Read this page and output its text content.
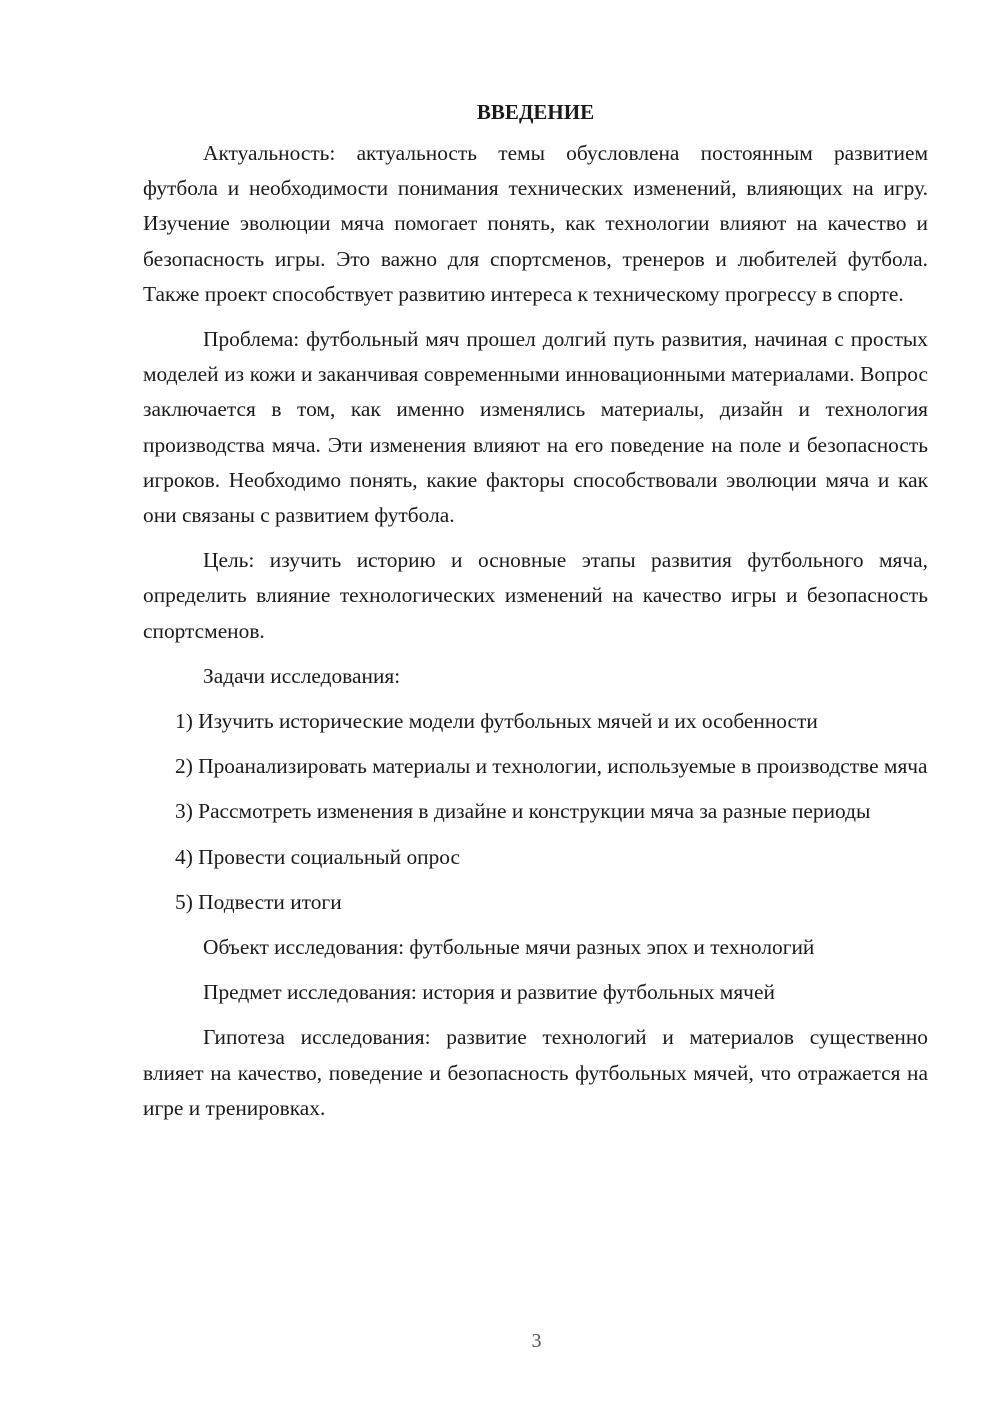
ВВЕДЕНИЕ

Актуальность: актуальность темы обусловлена постоянным развитием футбола и необходимости понимания технических изменений, влияющих на игру. Изучение эволюции мяча помогает понять, как технологии влияют на качество и безопасность игры. Это важно для спортсменов, тренеров и любителей футбола. Также проект способствует развитию интереса к техническому прогрессу в спорте.

Проблема: футбольный мяч прошел долгий путь развития, начиная с простых моделей из кожи и заканчивая современными инновационными материалами. Вопрос заключается в том, как именно изменялись материалы, дизайн и технология производства мяча. Эти изменения влияют на его поведение на поле и безопасность игроков. Необходимо понять, какие факторы способствовали эволюции мяча и как они связаны с развитием футбола.

Цель: изучить историю и основные этапы развития футбольного мяча, определить влияние технологических изменений на качество игры и безопасность спортсменов.

Задачи исследования:

1) Изучить исторические модели футбольных мячей и их особенности

2) Проанализировать материалы и технологии, используемые в производстве мяча

3) Рассмотреть изменения в дизайне и конструкции мяча за разные периоды

4) Провести социальный опрос

5) Подвести итоги

Объект исследования: футбольные мячи разных эпох и технологий

Предмет исследования: история и развитие футбольных мячей

Гипотеза исследования: развитие технологий и материалов существенно влияет на качество, поведение и безопасность футбольных мячей, что отражается на игре и тренировках.

3
